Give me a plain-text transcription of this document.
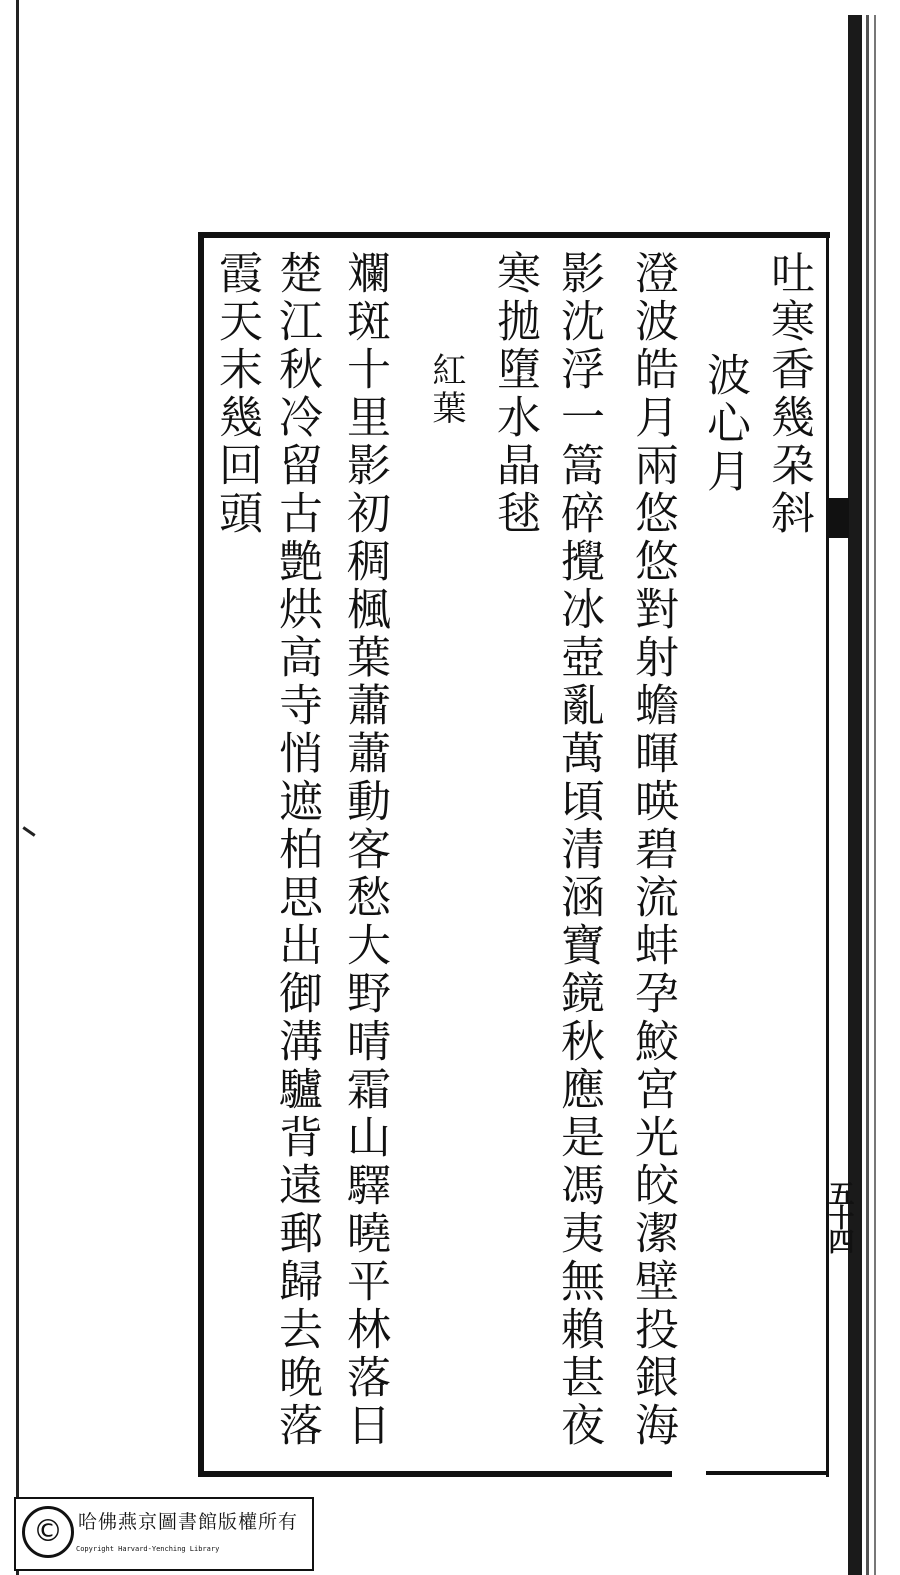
五十四
吐寒香幾朶斜
波心月
澄波皓月兩悠悠對射蟾暉暎碧流蚌孕鮫宮光皎潔壁投銀海
影沈浮一篙碎攪冰壺亂萬頃清涵寶鏡秋應是馮夷無賴甚夜
寒拋墮水晶毬
紅葉
斕斑十里影初稠楓葉蕭蕭動客愁大野晴霜山驛曉平林落日
楚江秋冷留古艶烘高寺悄遮柏思出御溝驢背遠郵歸去晚落
霞天末幾回頭
© 哈佛燕京圖書館版權所有
Copyright Harvard-Yenching Library
